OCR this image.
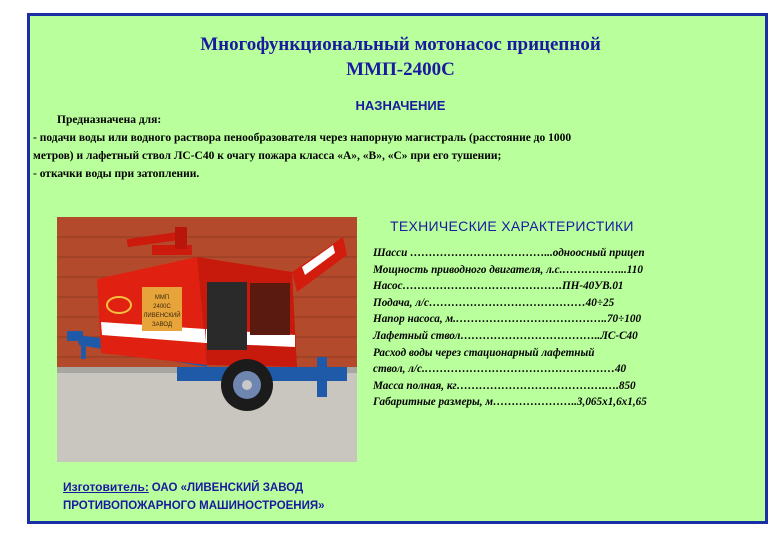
Многофункциональный мотонасос прицепной
ММП-2400С
НАЗНАЧЕНИЕ
Предназначена для:
- подачи воды или водного раствора пенообразователя через напорную магистраль (расстояние до 1000
метров) и лафетный ствол ЛС-С40 к очагу пожара класса «А», «В», «С» при его тушении;
- откачки воды при затоплении.
ММП
2400С
ЛИВЕНСКИЙ
ЗАВОД
ТЕХНИЧЕСКИЕ ХАРАКТЕРИСТИКИ
Шасси ………………………………...одноосный прицеп
Мощность приводного двигателя, л.с.……………...110
Насос…………………………………….ПН-40УВ.01
Подача, л/с……………………………………40÷25
Напор насоса, м.…………………………………..70÷100
Лафетный ствол………………………………..ЛС-С40
Расход воды через стационарный лафетный
ствол, л/с.……………………………………………40
Масса полная, кг………………………………….….850
Габаритные размеры, м…………………..3,065х1,6х1,65
Изготовитель: ОАО «ЛИВЕНСКИЙ ЗАВОД
ПРОТИВОПОЖАРНОГО МАШИНОСТРОЕНИЯ»
